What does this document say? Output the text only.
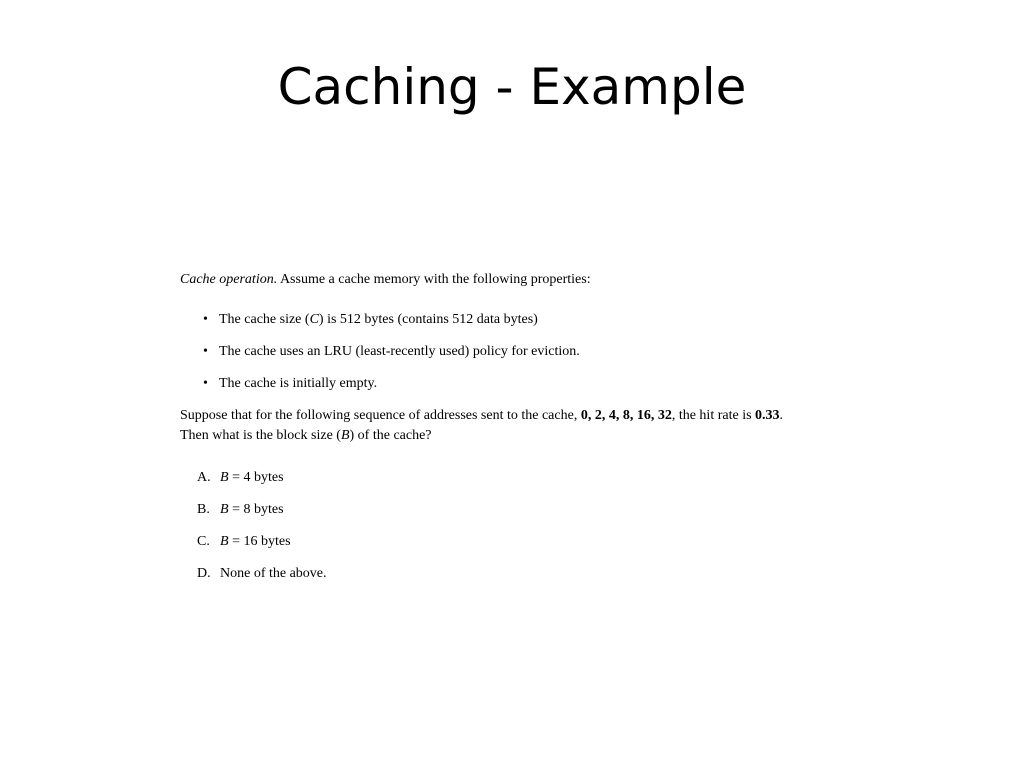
Caching - Example

Cache operation. Assume a cache memory with the following properties:

• The cache size (C) is 512 bytes (contains 512 data bytes)
• The cache uses an LRU (least-recently used) policy for eviction.
• The cache is initially empty.

Suppose that for the following sequence of addresses sent to the cache, 0, 2, 4, 8, 16, 32, the hit rate is 0.33.
Then what is the block size (B) of the cache?

A. B = 4 bytes
B. B = 8 bytes
C. B = 16 bytes
D. None of the above.
